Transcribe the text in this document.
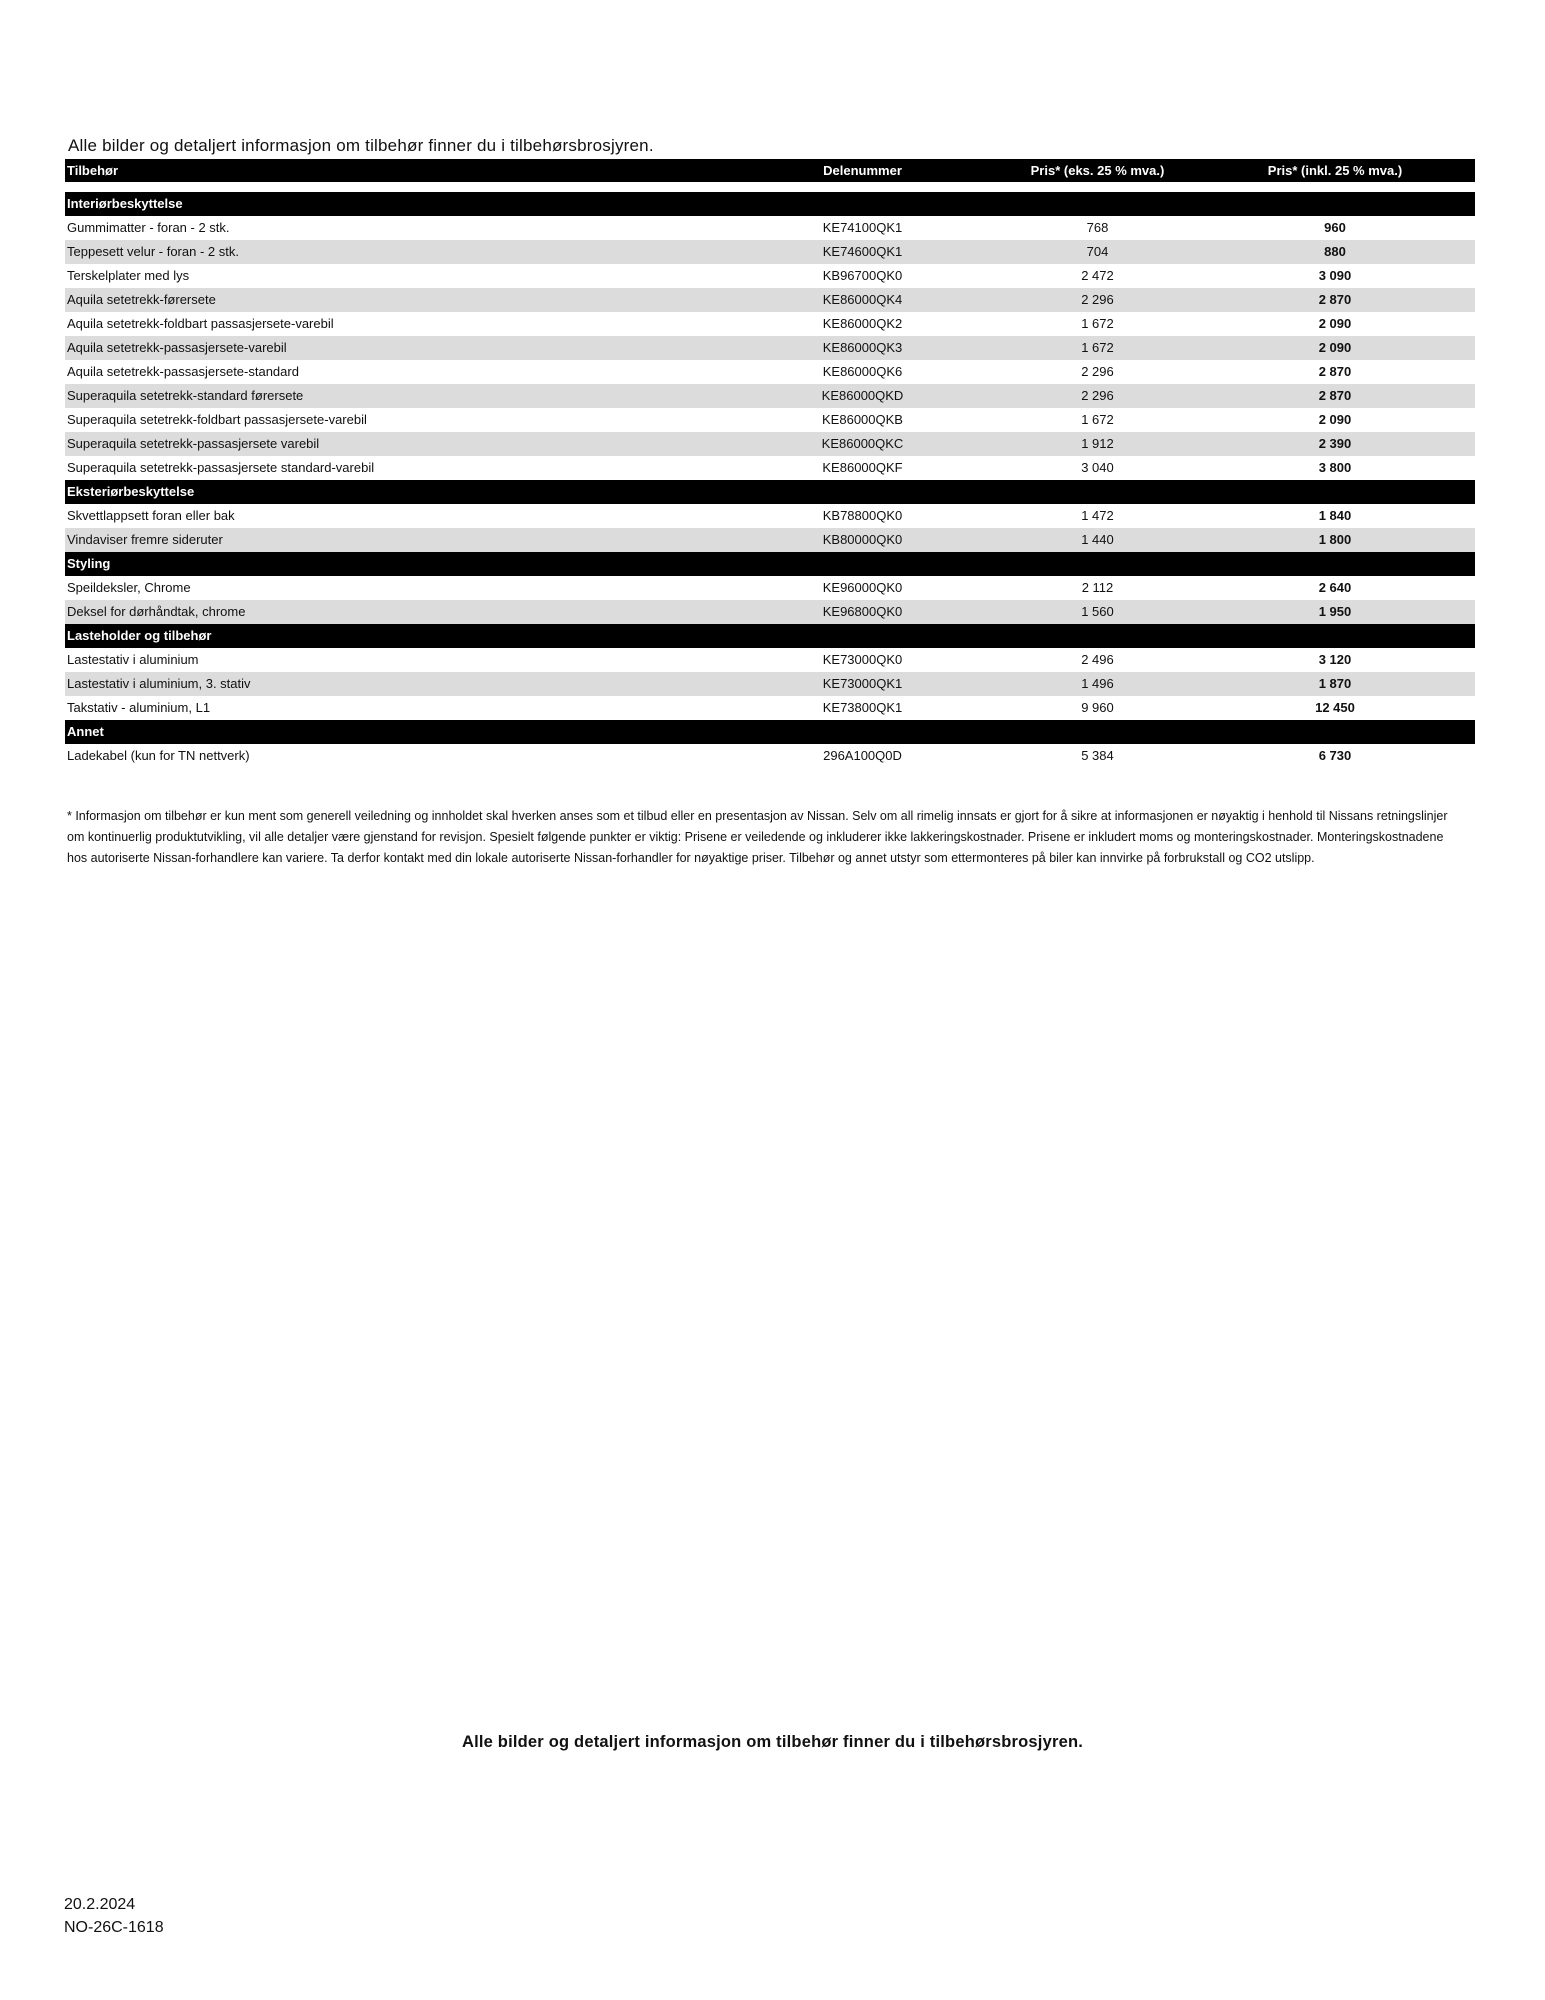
Alle bilder og detaljert informasjon om tilbehør finner du i tilbehørsbrosjyren.
Tilbehør	Delenummer	Pris* (eks. 25 % mva.)	Pris* (inkl. 25 % mva.)

Interiørbeskyttelse			
Gummimatter - foran - 2 stk.	KE74100QK1	768	960
Teppesett velur - foran - 2 stk.	KE74600QK1	704	880
Terskelplater med lys	KB96700QK0	2 472	3 090
Aquila setetrekk-førersete	KE86000QK4	2 296	2 870
Aquila setetrekk-foldbart passasjersete-varebil	KE86000QK2	1 672	2 090
Aquila setetrekk-passasjersete-varebil	KE86000QK3	1 672	2 090
Aquila setetrekk-passasjersete-standard	KE86000QK6	2 296	2 870
Superaquila setetrekk-standard førersete	KE86000QKD	2 296	2 870
Superaquila setetrekk-foldbart passasjersete-varebil	KE86000QKB	1 672	2 090
Superaquila setetrekk-passasjersete varebil	KE86000QKC	1 912	2 390
Superaquila setetrekk-passasjersete standard-varebil	KE86000QKF	3 040	3 800
Eksteriørbeskyttelse			
Skvettlappsett foran eller bak	KB78800QK0	1 472	1 840
Vindaviser fremre sideruter	KB80000QK0	1 440	1 800
Styling			
Speildeksler, Chrome	KE96000QK0	2 112	2 640
Deksel for dørhåndtak, chrome	KE96800QK0	1 560	1 950
Lasteholder og tilbehør			
Lastestativ i aluminium	KE73000QK0	2 496	3 120
Lastestativ i aluminium, 3. stativ	KE73000QK1	1 496	1 870
Takstativ - aluminium, L1	KE73800QK1	9 960	12 450
Annet			
Ladekabel (kun for TN nettverk)	296A100Q0D	5 384	6 730
* Informasjon om tilbehør er kun ment som generell veiledning og innholdet skal hverken anses som et tilbud eller en presentasjon av Nissan. Selv om all rimelig innsats er gjort for å sikre at informasjonen er nøyaktig i henhold til Nissans retningslinjer om kontinuerlig produktutvikling, vil alle detaljer være gjenstand for revisjon. Spesielt følgende punkter er viktig: Prisene er veiledende og inkluderer ikke lakkeringskostnader. Prisene er inkludert moms og monteringskostnader. Monteringskostnadene hos autoriserte Nissan-forhandlere kan variere. Ta derfor kontakt med din lokale autoriserte Nissan-forhandler for nøyaktige priser. Tilbehør og annet utstyr som ettermonteres på biler kan innvirke på forbrukstall og CO2 utslipp.
Alle bilder og detaljert informasjon om tilbehør finner du i tilbehørsbrosjyren.
20.2.2024
NO-26C-1618
